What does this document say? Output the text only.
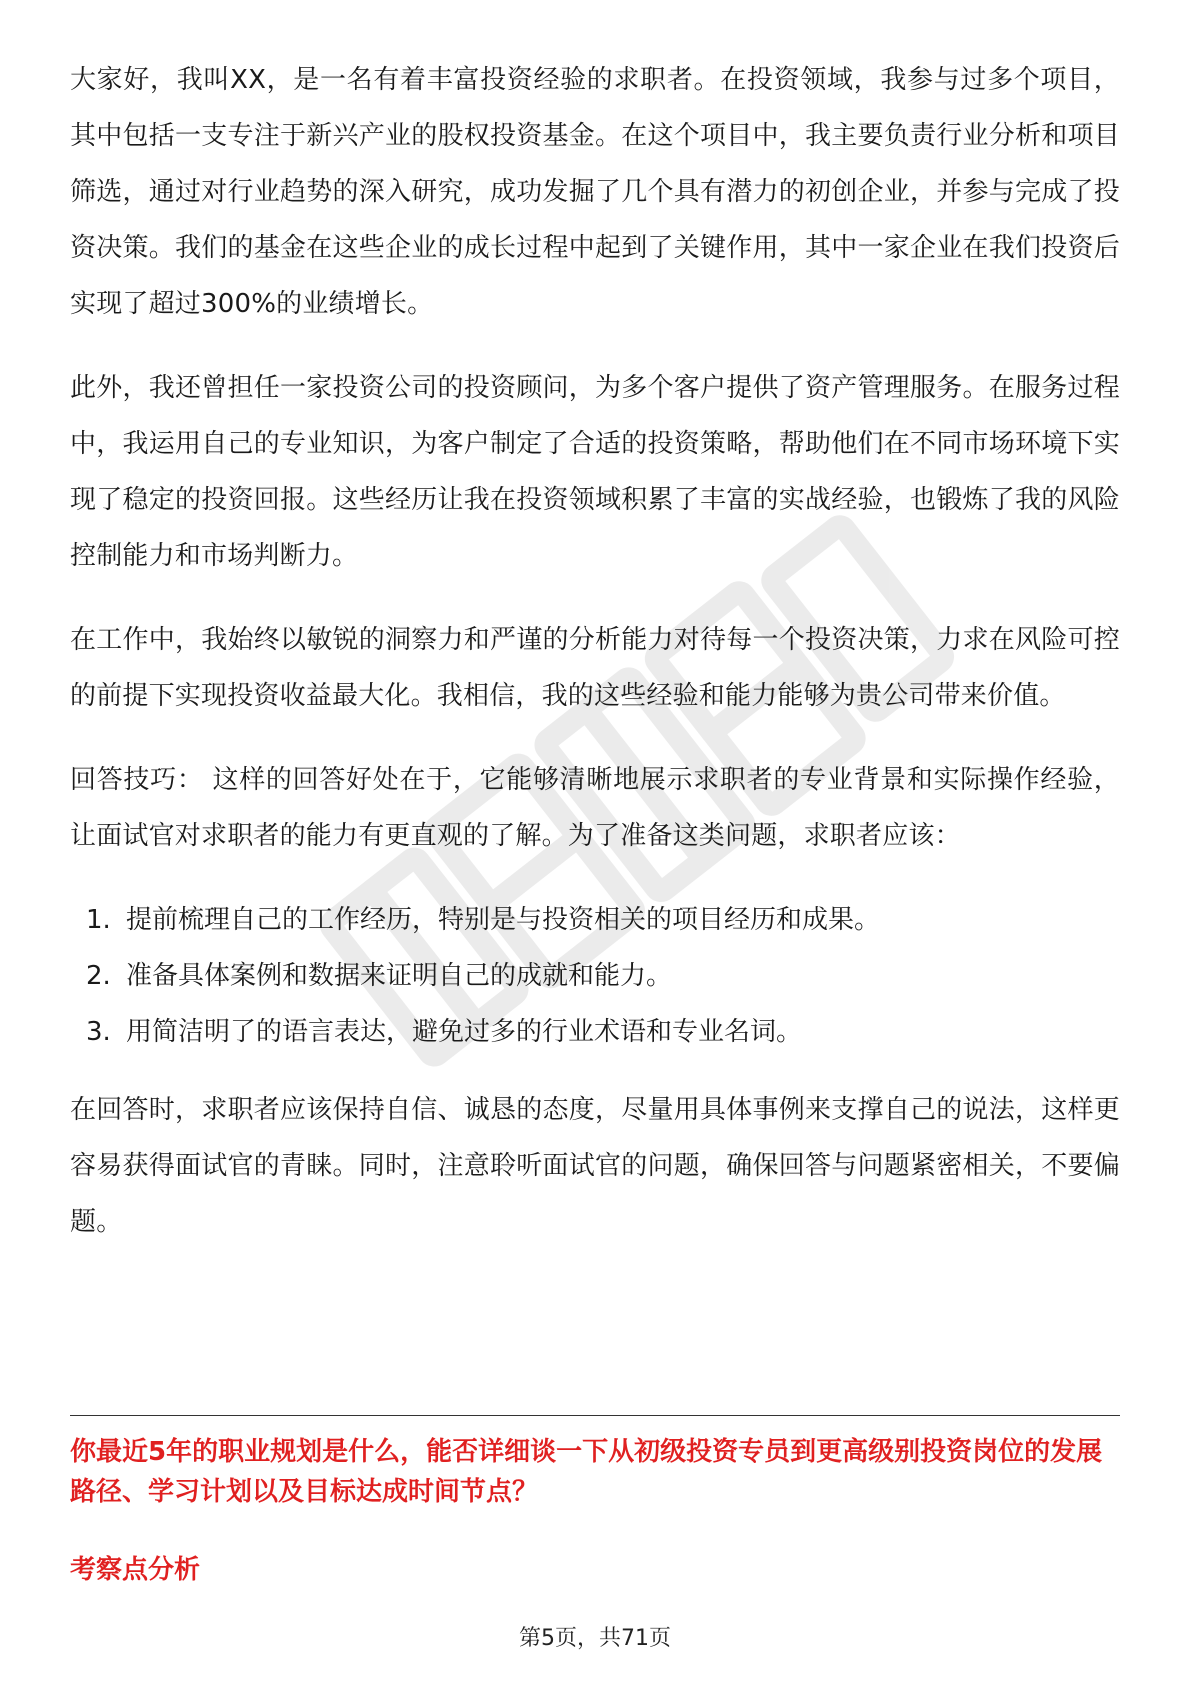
大家好，我叫XX，是一名有着丰富投资经验的求职者。在投资领域，我参与过多个项目，其中包括一支专注于新兴产业的股权投资基金。在这个项目中，我主要负责行业分析和项目筛选，通过对行业趋势的深入研究，成功发掘了几个具有潜力的初创企业，并参与完成了投资决策。我们的基金在这些企业的成长过程中起到了关键作用，其中一家企业在我们投资后实现了超过300%的业绩增长。

此外，我还曾担任一家投资公司的投资顾问，为多个客户提供了资产管理服务。在服务过程中，我运用自己的专业知识，为客户制定了合适的投资策略，帮助他们在不同市场环境下实现了稳定的投资回报。这些经历让我在投资领域积累了丰富的实战经验，也锻炼了我的风险控制能力和市场判断力。

在工作中，我始终以敏锐的洞察力和严谨的分析能力对待每一个投资决策，力求在风险可控的前提下实现投资收益最大化。我相信，我的这些经验和能力能够为贵公司带来价值。

回答技巧： 这样的回答好处在于，它能够清晰地展示求职者的专业背景和实际操作经验，让面试官对求职者的能力有更直观的了解。为了准备这类问题，求职者应该：

1. 提前梳理自己的工作经历，特别是与投资相关的项目经历和成果。
2. 准备具体案例和数据来证明自己的成就和能力。
3. 用简洁明了的语言表达，避免过多的行业术语和专业名词。

在回答时，求职者应该保持自信、诚恳的态度，尽量用具体事例来支撑自己的说法，这样更容易获得面试官的青睐。同时，注意聆听面试官的问题，确保回答与问题紧密相关，不要偏题。

你最近5年的职业规划是什么，能否详细谈一下从初级投资专员到更高级别投资岗位的发展路径、学习计划以及目标达成时间节点？

考察点分析

第5页，共71页
